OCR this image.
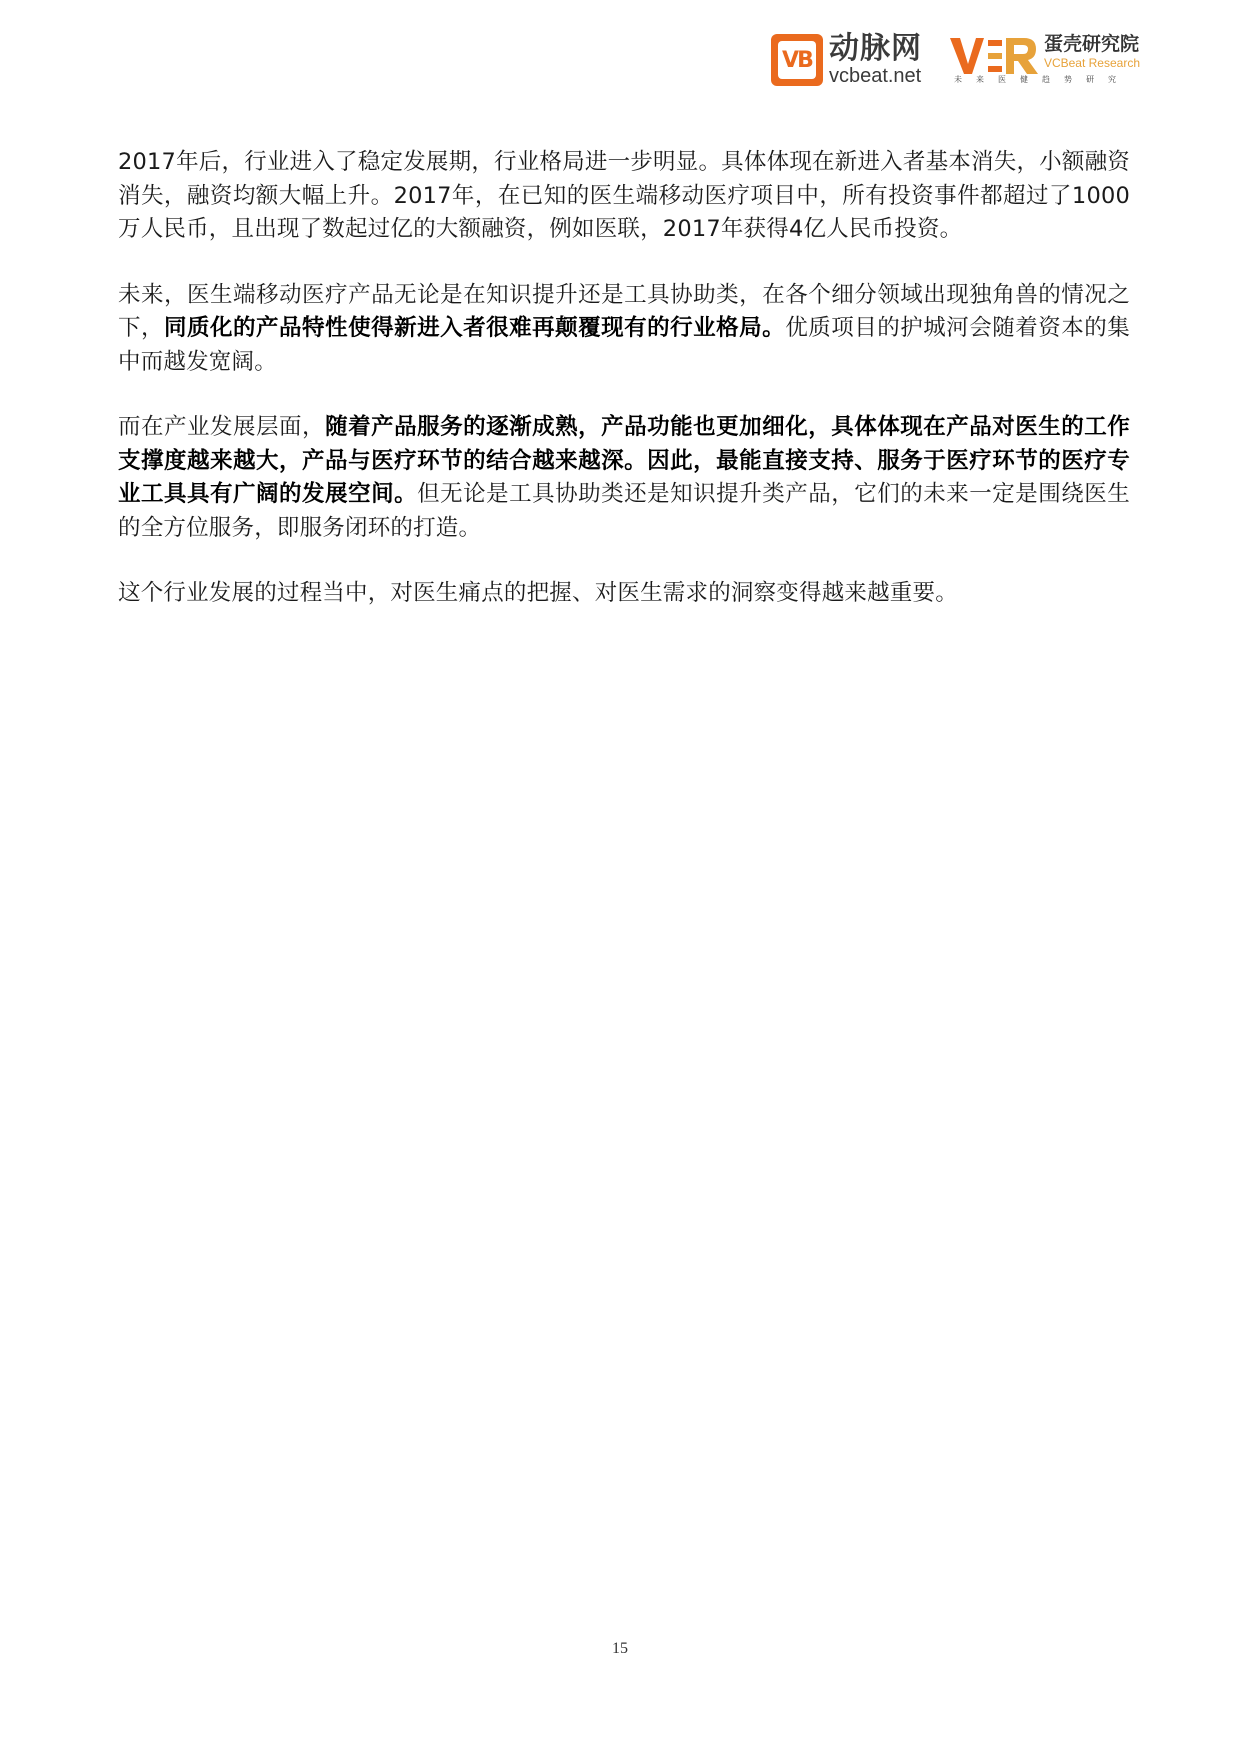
VB 动脉网
vcbeat.net
蛋壳研究院
VCBeat Research
未来医健趋势研究

2017年后，行业进入了稳定发展期，行业格局进一步明显。具体体现在新进入者基本消失，小额融资消失，融资均额大幅上升。2017年，在已知的医生端移动医疗项目中，所有投资事件都超过了1000万人民币，且出现了数起过亿的大额融资，例如医联，2017年获得4亿人民币投资。

未来，医生端移动医疗产品无论是在知识提升还是工具协助类，在各个细分领域出现独角兽的情况之下，同质化的产品特性使得新进入者很难再颠覆现有的行业格局。优质项目的护城河会随着资本的集中而越发宽阔。

而在产业发展层面，随着产品服务的逐渐成熟，产品功能也更加细化，具体体现在产品对医生的工作支撑度越来越大，产品与医疗环节的结合越来越深。因此，最能直接支持、服务于医疗环节的医疗专业工具具有广阔的发展空间。但无论是工具协助类还是知识提升类产品，它们的未来一定是围绕医生的全方位服务，即服务闭环的打造。

这个行业发展的过程当中，对医生痛点的把握、对医生需求的洞察变得越来越重要。

15
